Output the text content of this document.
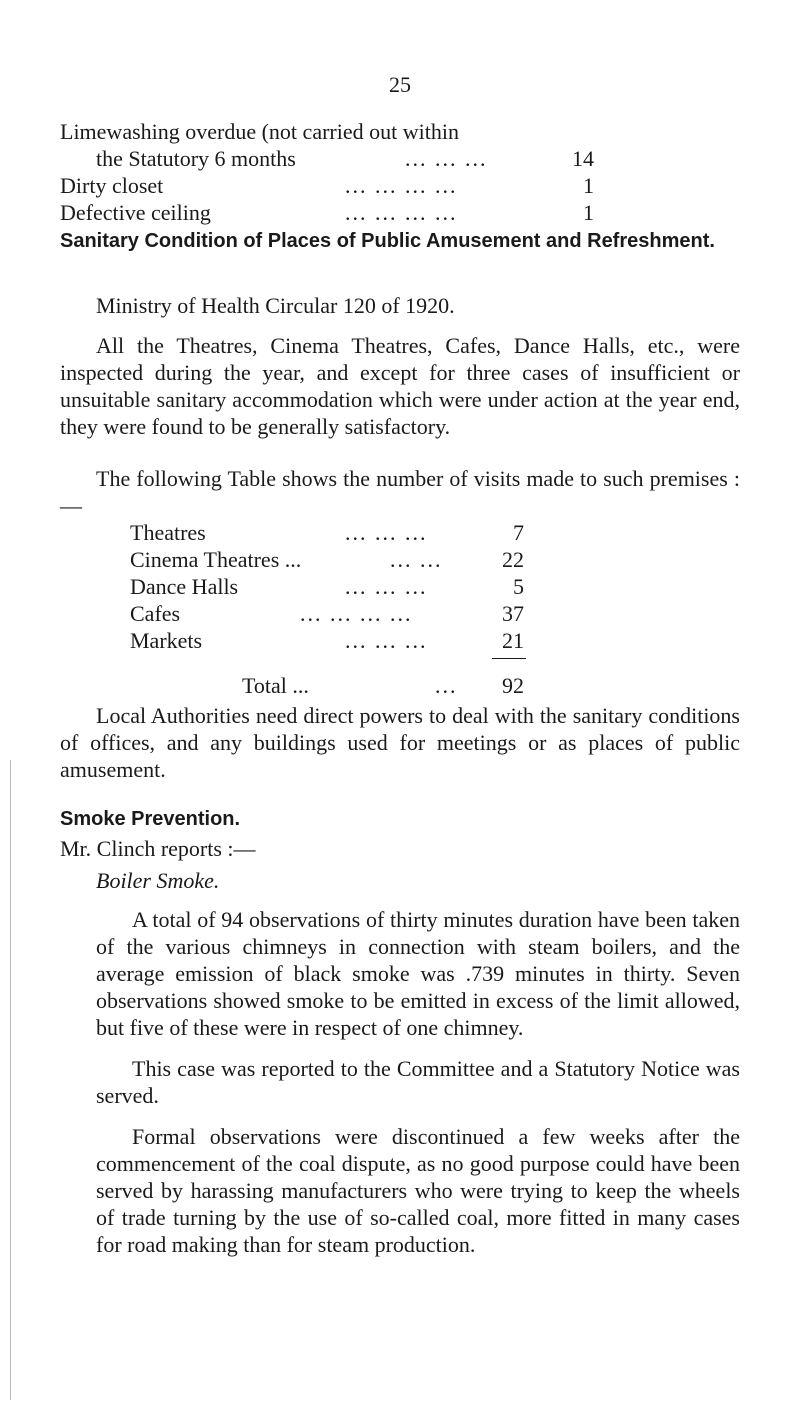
25
Limewashing overdue (not carried out within
the Statutory 6 months	... ... ...	14
Dirty closet	... ... ... ...	1
Defective ceiling	... ... ... ...	1
Sanitary Condition of Places of Public Amusement and Refreshment.
Ministry of Health Circular 120 of 1920.
All the Theatres, Cinema Theatres, Cafes, Dance Halls, etc., were inspected during the year, and except for three cases of insufficient or unsuitable sanitary accommodation which were under action at the year end, they were found to be generally satisfactory.
The following Table shows the number of visits made to such premises :—
Theatres	... ... ...	7
Cinema Theatres ...	... ...	22
Dance Halls	... ... ...	5
Cafes	... ... ... ...	37
Markets	... ... ...	21
Total ...	...	92
Local Authorities need direct powers to deal with the sanitary conditions of offices, and any buildings used for meetings or as places of public amusement.
Smoke Prevention.
Mr. Clinch reports :—
Boiler Smoke.
A total of 94 observations of thirty minutes duration have been taken of the various chimneys in connection with steam boilers, and the average emission of black smoke was .739 minutes in thirty. Seven observations showed smoke to be emitted in excess of the limit allowed, but five of these were in respect of one chimney.
This case was reported to the Committee and a Statutory Notice was served.
Formal observations were discontinued a few weeks after the commencement of the coal dispute, as no good purpose could have been served by harassing manufacturers who were trying to keep the wheels of trade turning by the use of so-called coal, more fitted in many cases for road making than for steam production.
